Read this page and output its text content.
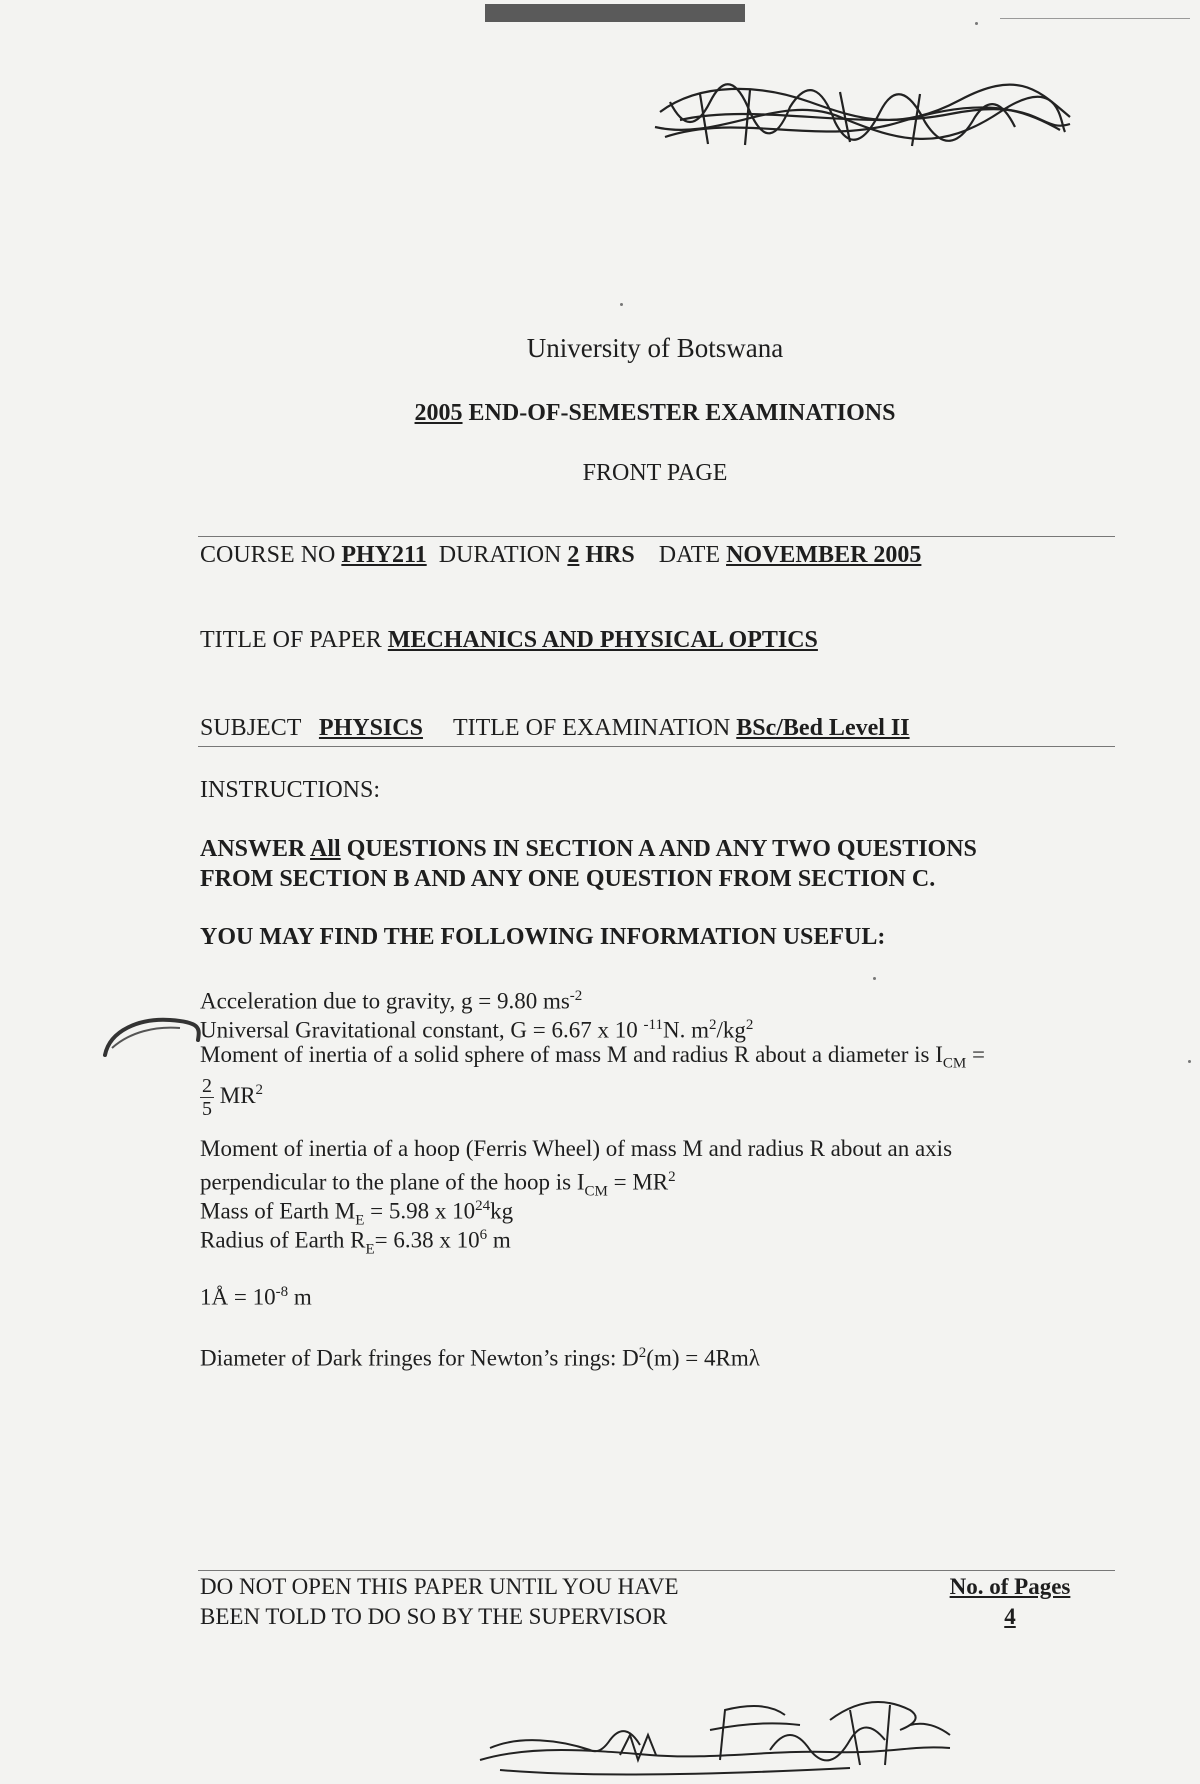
University of Botswana
2005 END-OF-SEMESTER EXAMINATIONS
FRONT PAGE
COURSE NO PHY211 DURATION 2 HRS DATE NOVEMBER 2005
TITLE OF PAPER MECHANICS AND PHYSICAL OPTICS
SUBJECT PHYSICS TITLE OF EXAMINATION BSc/Bed Level II
INSTRUCTIONS:
ANSWER All QUESTIONS IN SECTION A AND ANY TWO QUESTIONS
FROM SECTION B AND ANY ONE QUESTION FROM SECTION C.
YOU MAY FIND THE FOLLOWING INFORMATION USEFUL:
Acceleration due to gravity, g = 9.80 $ms^{-2}$
Universal Gravitational constant, G = 6.67 x 10 $^{-11}$N. $m^2/kg^2$
Moment of inertia of a solid sphere of mass M and radius R about a diameter is $I_{CM}$ =
$\frac{2}{5} MR^2$
Moment of inertia of a hoop (Ferris Wheel) of mass M and radius R about an axis
perpendicular to the plane of the hoop is $I_{CM} = MR^2$
Mass of Earth $M_E = 5.98$ x $10^{24}kg$
Radius of Earth $R_E= 6.38$ x $10^6$ m
1Å = $10^{-8}$ m
Diameter of Dark fringes for Newton’s rings: $D^2(m) = 4Rm\lambda$
DO NOT OPEN THIS PAPER UNTIL YOU HAVE
BEEN TOLD TO DO SO BY THE SUPERVISOR
No. of Pages
4
